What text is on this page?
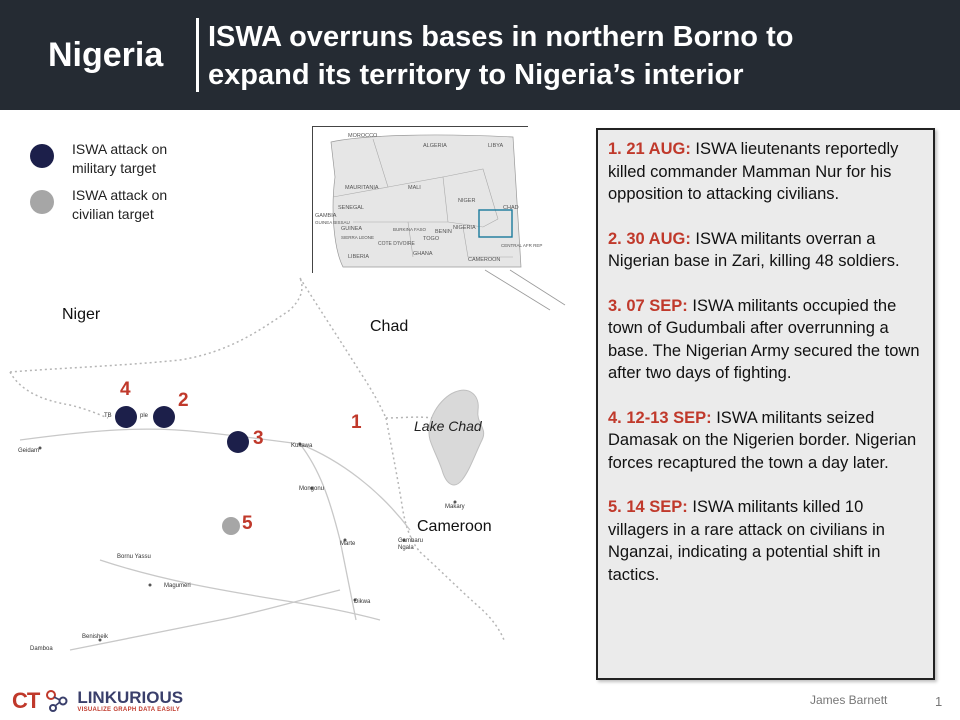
Nigeria ISWA overruns bases in northern Borno to
expand its territory to Nigeria’s interior
ISWA attack on
military target
ISWA attack on
civilian target
MOROCCO
ALGERIA	LIBYA
MAURITANIA	MALI
NIGER
CHAD
SENEGAL
GAMBIA
GUINEA
GUINEA BISSAU
SIERRA LEONE
LIBERIA
COTE D'IVOIRE
BURKINA FASO
GHANA
TOGO
BENIN
NIGERIA
CAMEROON
CENTRAL AFR REP
Niger
Chad
Cameroon
Lake Chad
Geidam
Kukawa
Mongonu
Makary
Gambaru Ngala
Marte
Bornu Yassu
Magumeri
Dikwa
Benisheik
Damboa
TB	ple
4
2
3
5
1
1. 21 AUG: ISWA lieutenants reportedly killed commander Mamman Nur for his opposition to attacking civilians.
2. 30 AUG: ISWA militants overran a Nigerian base in Zari, killing 48 soldiers.
3. 07 SEP: ISWA militants occupied the town of Gudumbali after overrunning a base. The Nigerian Army secured the town after two days of fighting.
4. 12-13 SEP: ISWA militants seized Damasak on the Nigerien border. Nigerian forces recaptured the town a day later.
5. 14 SEP: ISWA militants killed 10 villagers in a rare attack on civilians in Nganzai, indicating a potential shift in tactics.
CT LINKURIOUS
VISUALIZE GRAPH DATA EASILY
James Barnett	1
